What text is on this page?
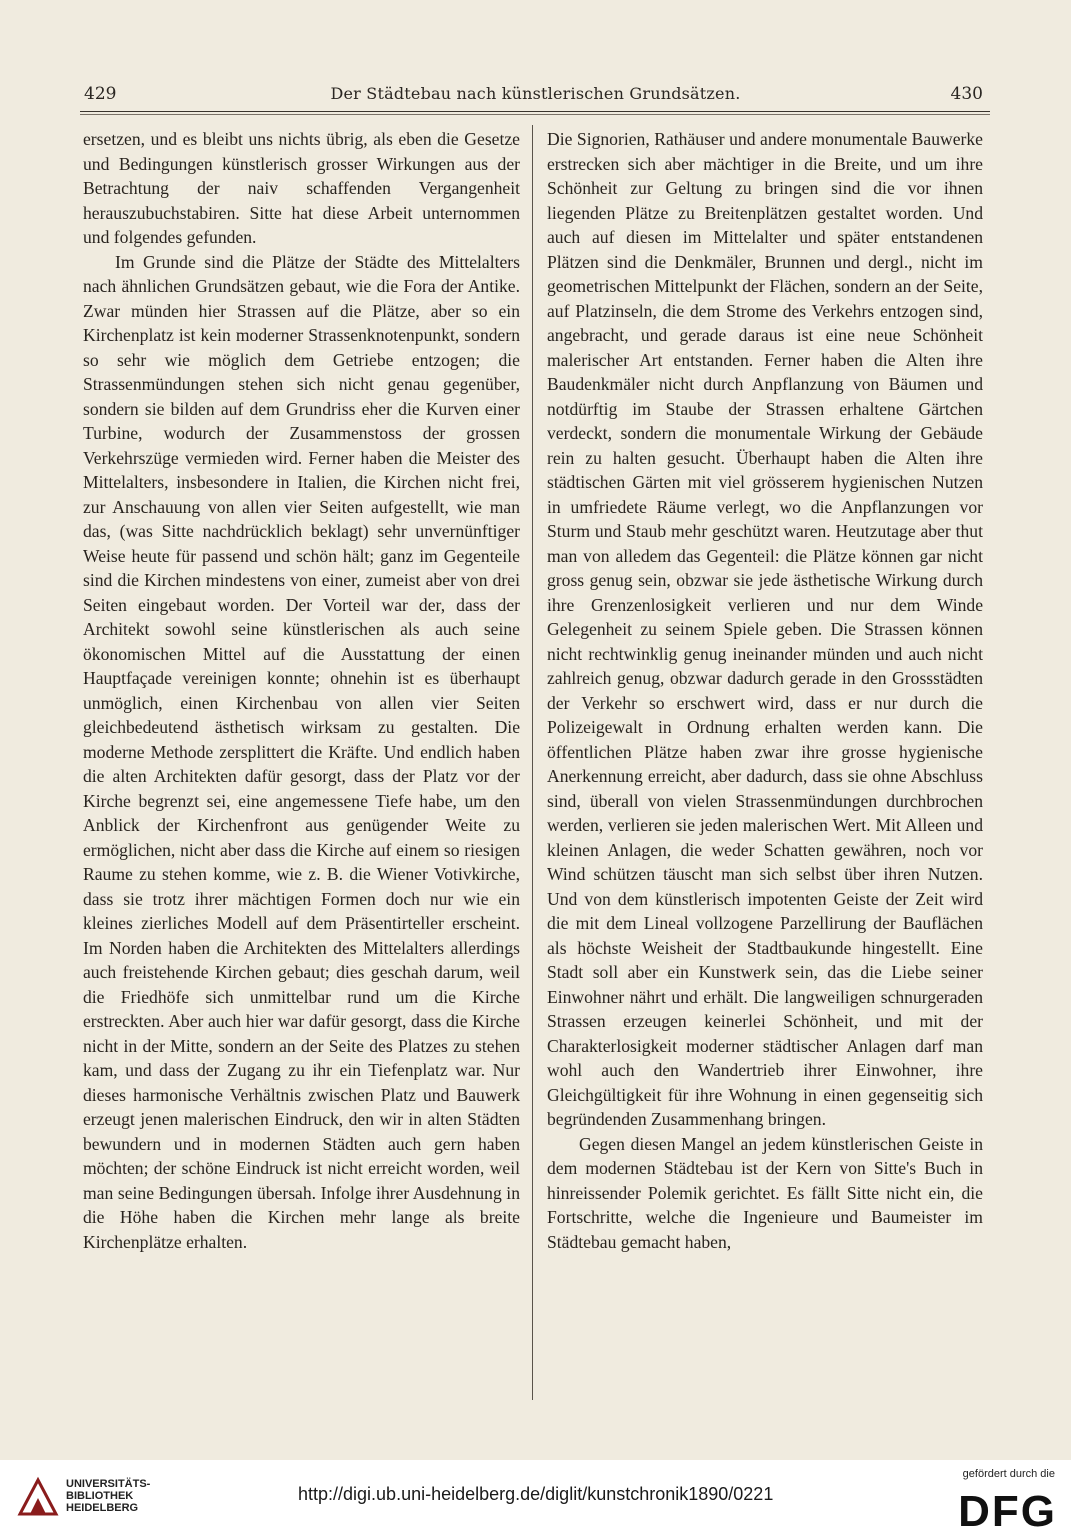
429	Der Städtebau nach künstlerischen Grundsätzen.	430

ersetzen, und es bleibt uns nichts übrig, als eben die Gesetze und Bedingungen künstlerisch grosser Wirkungen aus der Betrachtung der naiv schaffenden Vergangenheit herauszubuchstabiren. Sitte hat diese Arbeit unternommen und folgendes gefunden.

Im Grunde sind die Plätze der Städte des Mittelalters nach ähnlichen Grundsätzen gebaut, wie die Fora der Antike. Zwar münden hier Strassen auf die Plätze, aber so ein Kirchenplatz ist kein moderner Strassenknotenpunkt, sondern so sehr wie möglich dem Getriebe entzogen; die Strassenmündungen stehen sich nicht genau gegenüber, sondern sie bilden auf dem Grundriss eher die Kurven einer Turbine, wodurch der Zusammenstoss der grossen Verkehrszüge vermieden wird. Ferner haben die Meister des Mittelalters, insbesondere in Italien, die Kirchen nicht frei, zur Anschauung von allen vier Seiten aufgestellt, wie man das, (was Sitte nachdrücklich beklagt) sehr unvernünftiger Weise heute für passend und schön hält; ganz im Gegenteile sind die Kirchen mindestens von einer, zumeist aber von drei Seiten eingebaut worden. Der Vorteil war der, dass der Architekt sowohl seine künstlerischen als auch seine ökonomischen Mittel auf die Ausstattung der einen Hauptfaçade vereinigen konnte; ohnehin ist es überhaupt unmöglich, einen Kirchenbau von allen vier Seiten gleichbedeutend ästhetisch wirksam zu gestalten. Die moderne Methode zersplittert die Kräfte. Und endlich haben die alten Architekten dafür gesorgt, dass der Platz vor der Kirche begrenzt sei, eine angemessene Tiefe habe, um den Anblick der Kirchenfront aus genügender Weite zu ermöglichen, nicht aber dass die Kirche auf einem so riesigen Raume zu stehen komme, wie z. B. die Wiener Votivkirche, dass sie trotz ihrer mächtigen Formen doch nur wie ein kleines zierliches Modell auf dem Präsentirteller erscheint. Im Norden haben die Architekten des Mittelalters allerdings auch freistehende Kirchen gebaut; dies geschah darum, weil die Friedhöfe sich unmittelbar rund um die Kirche erstreckten. Aber auch hier war dafür gesorgt, dass die Kirche nicht in der Mitte, sondern an der Seite des Platzes zu stehen kam, und dass der Zugang zu ihr ein Tiefenplatz war. Nur dieses harmonische Verhältnis zwischen Platz und Bauwerk erzeugt jenen malerischen Eindruck, den wir in alten Städten bewundern und in modernen Städten auch gern haben möchten; der schöne Eindruck ist nicht erreicht worden, weil man seine Bedingungen übersah. Infolge ihrer Ausdehnung in die Höhe haben die Kirchen mehr lange als breite Kirchenplätze erhalten.

Die Signorien, Rathäuser und andere monumentale Bauwerke erstrecken sich aber mächtiger in die Breite, und um ihre Schönheit zur Geltung zu bringen sind die vor ihnen liegenden Plätze zu Breitenplätzen gestaltet worden. Und auch auf diesen im Mittelalter und später entstandenen Plätzen sind die Denkmäler, Brunnen und dergl., nicht im geometrischen Mittelpunkt der Flächen, sondern an der Seite, auf Platzinseln, die dem Strome des Verkehrs entzogen sind, angebracht, und gerade daraus ist eine neue Schönheit malerischer Art entstanden. Ferner haben die Alten ihre Baudenkmäler nicht durch Anpflanzung von Bäumen und notdürftig im Staube der Strassen erhaltene Gärtchen verdeckt, sondern die monumentale Wirkung der Gebäude rein zu halten gesucht. Überhaupt haben die Alten ihre städtischen Gärten mit viel grösserem hygienischen Nutzen in umfriedete Räume verlegt, wo die Anpflanzungen vor Sturm und Staub mehr geschützt waren. Heutzutage aber thut man von alledem das Gegenteil: die Plätze können gar nicht gross genug sein, obzwar sie jede ästhetische Wirkung durch ihre Grenzenlosigkeit verlieren und nur dem Winde Gelegenheit zu seinem Spiele geben. Die Strassen können nicht rechtwinklig genug ineinander münden und auch nicht zahlreich genug, obzwar dadurch gerade in den Grossstädten der Verkehr so erschwert wird, dass er nur durch die Polizeigewalt in Ordnung erhalten werden kann. Die öffentlichen Plätze haben zwar ihre grosse hygienische Anerkennung erreicht, aber dadurch, dass sie ohne Abschluss sind, überall von vielen Strassenmündungen durchbrochen werden, verlieren sie jeden malerischen Wert. Mit Alleen und kleinen Anlagen, die weder Schatten gewähren, noch vor Wind schützen täuscht man sich selbst über ihren Nutzen. Und von dem künstlerisch impotenten Geiste der Zeit wird die mit dem Lineal vollzogene Parzellirung der Bauflächen als höchste Weisheit der Stadtbaukunde hingestellt. Eine Stadt soll aber ein Kunstwerk sein, das die Liebe seiner Einwohner nährt und erhält. Die langweiligen schnurgeraden Strassen erzeugen keinerlei Schönheit, und mit der Charakterlosigkeit moderner städtischer Anlagen darf man wohl auch den Wandertrieb ihrer Einwohner, ihre Gleichgültigkeit für ihre Wohnung in einen gegenseitig sich begründenden Zusammenhang bringen.

Gegen diesen Mangel an jedem künstlerischen Geiste in dem modernen Städtebau ist der Kern von Sitte's Buch in hinreissender Polemik gerichtet. Es fällt Sitte nicht ein, die Fortschritte, welche die Ingenieure und Baumeister im Städtebau gemacht haben,

UNIVERSITÄTS-
BIBLIOTHEK
HEIDELBERG
http://digi.ub.uni-heidelberg.de/diglit/kunstchronik1890/0221
gefördert durch die
DFG
